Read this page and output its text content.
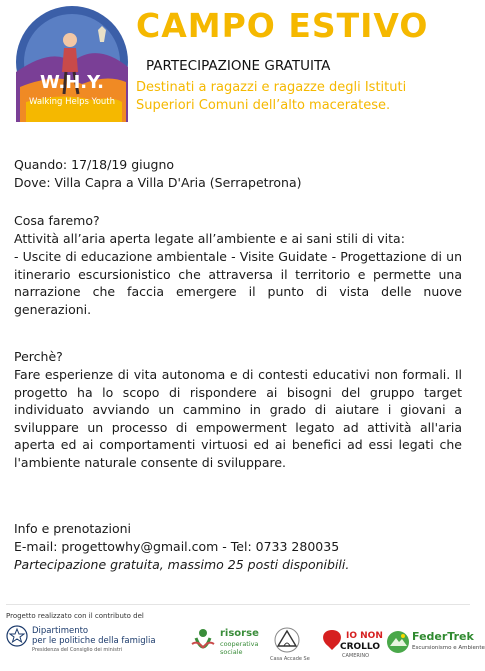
W.H.Y.
Walking Helps Youth
CAMPO ESTIVO
PARTECIPAZIONE GRATUITA
Destinati a ragazzi e ragazze degli Istituti
Superiori Comuni dell’alto maceratese.
Quando: 17/18/19 giugno
Dove: Villa Capra a Villa D'Aria (Serrapetrona)
Cosa faremo?
Attività all’aria aperta legate all’ambiente e ai sani stili di vita:
- Uscite di educazione ambientale - Visite Guidate - Progettazione di un itinerario escursionistico che attraversa il territorio e permette una narrazione che faccia emergere il punto di vista delle nuove generazioni.
Perchè?
Fare esperienze di vita autonoma e di contesti educativi non formali. Il progetto ha lo scopo di rispondere ai bisogni del gruppo target individuato avviando un cammino in grado di aiutare i giovani a sviluppare un processo di empowerment legato ad attività all'aria aperta ed ai comportamenti virtuosi ed ai benefici ad essi legati che l'ambiente naturale consente di sviluppare.
Info e prenotazioni
E-mail: progettowhy@gmail.com - Tel: 0733 280035
Partecipazione gratuita, massimo 25 posti disponibili.
Progetto realizzato con il contributo del
Dipartimento
per le politiche della famiglia
Presidenza del Consiglio dei ministri
risorse
cooperativa
sociale
Casa Accade Se
IO NON
CROLLO
CAMERINO
FederTrek
Escursionismo e Ambiente
